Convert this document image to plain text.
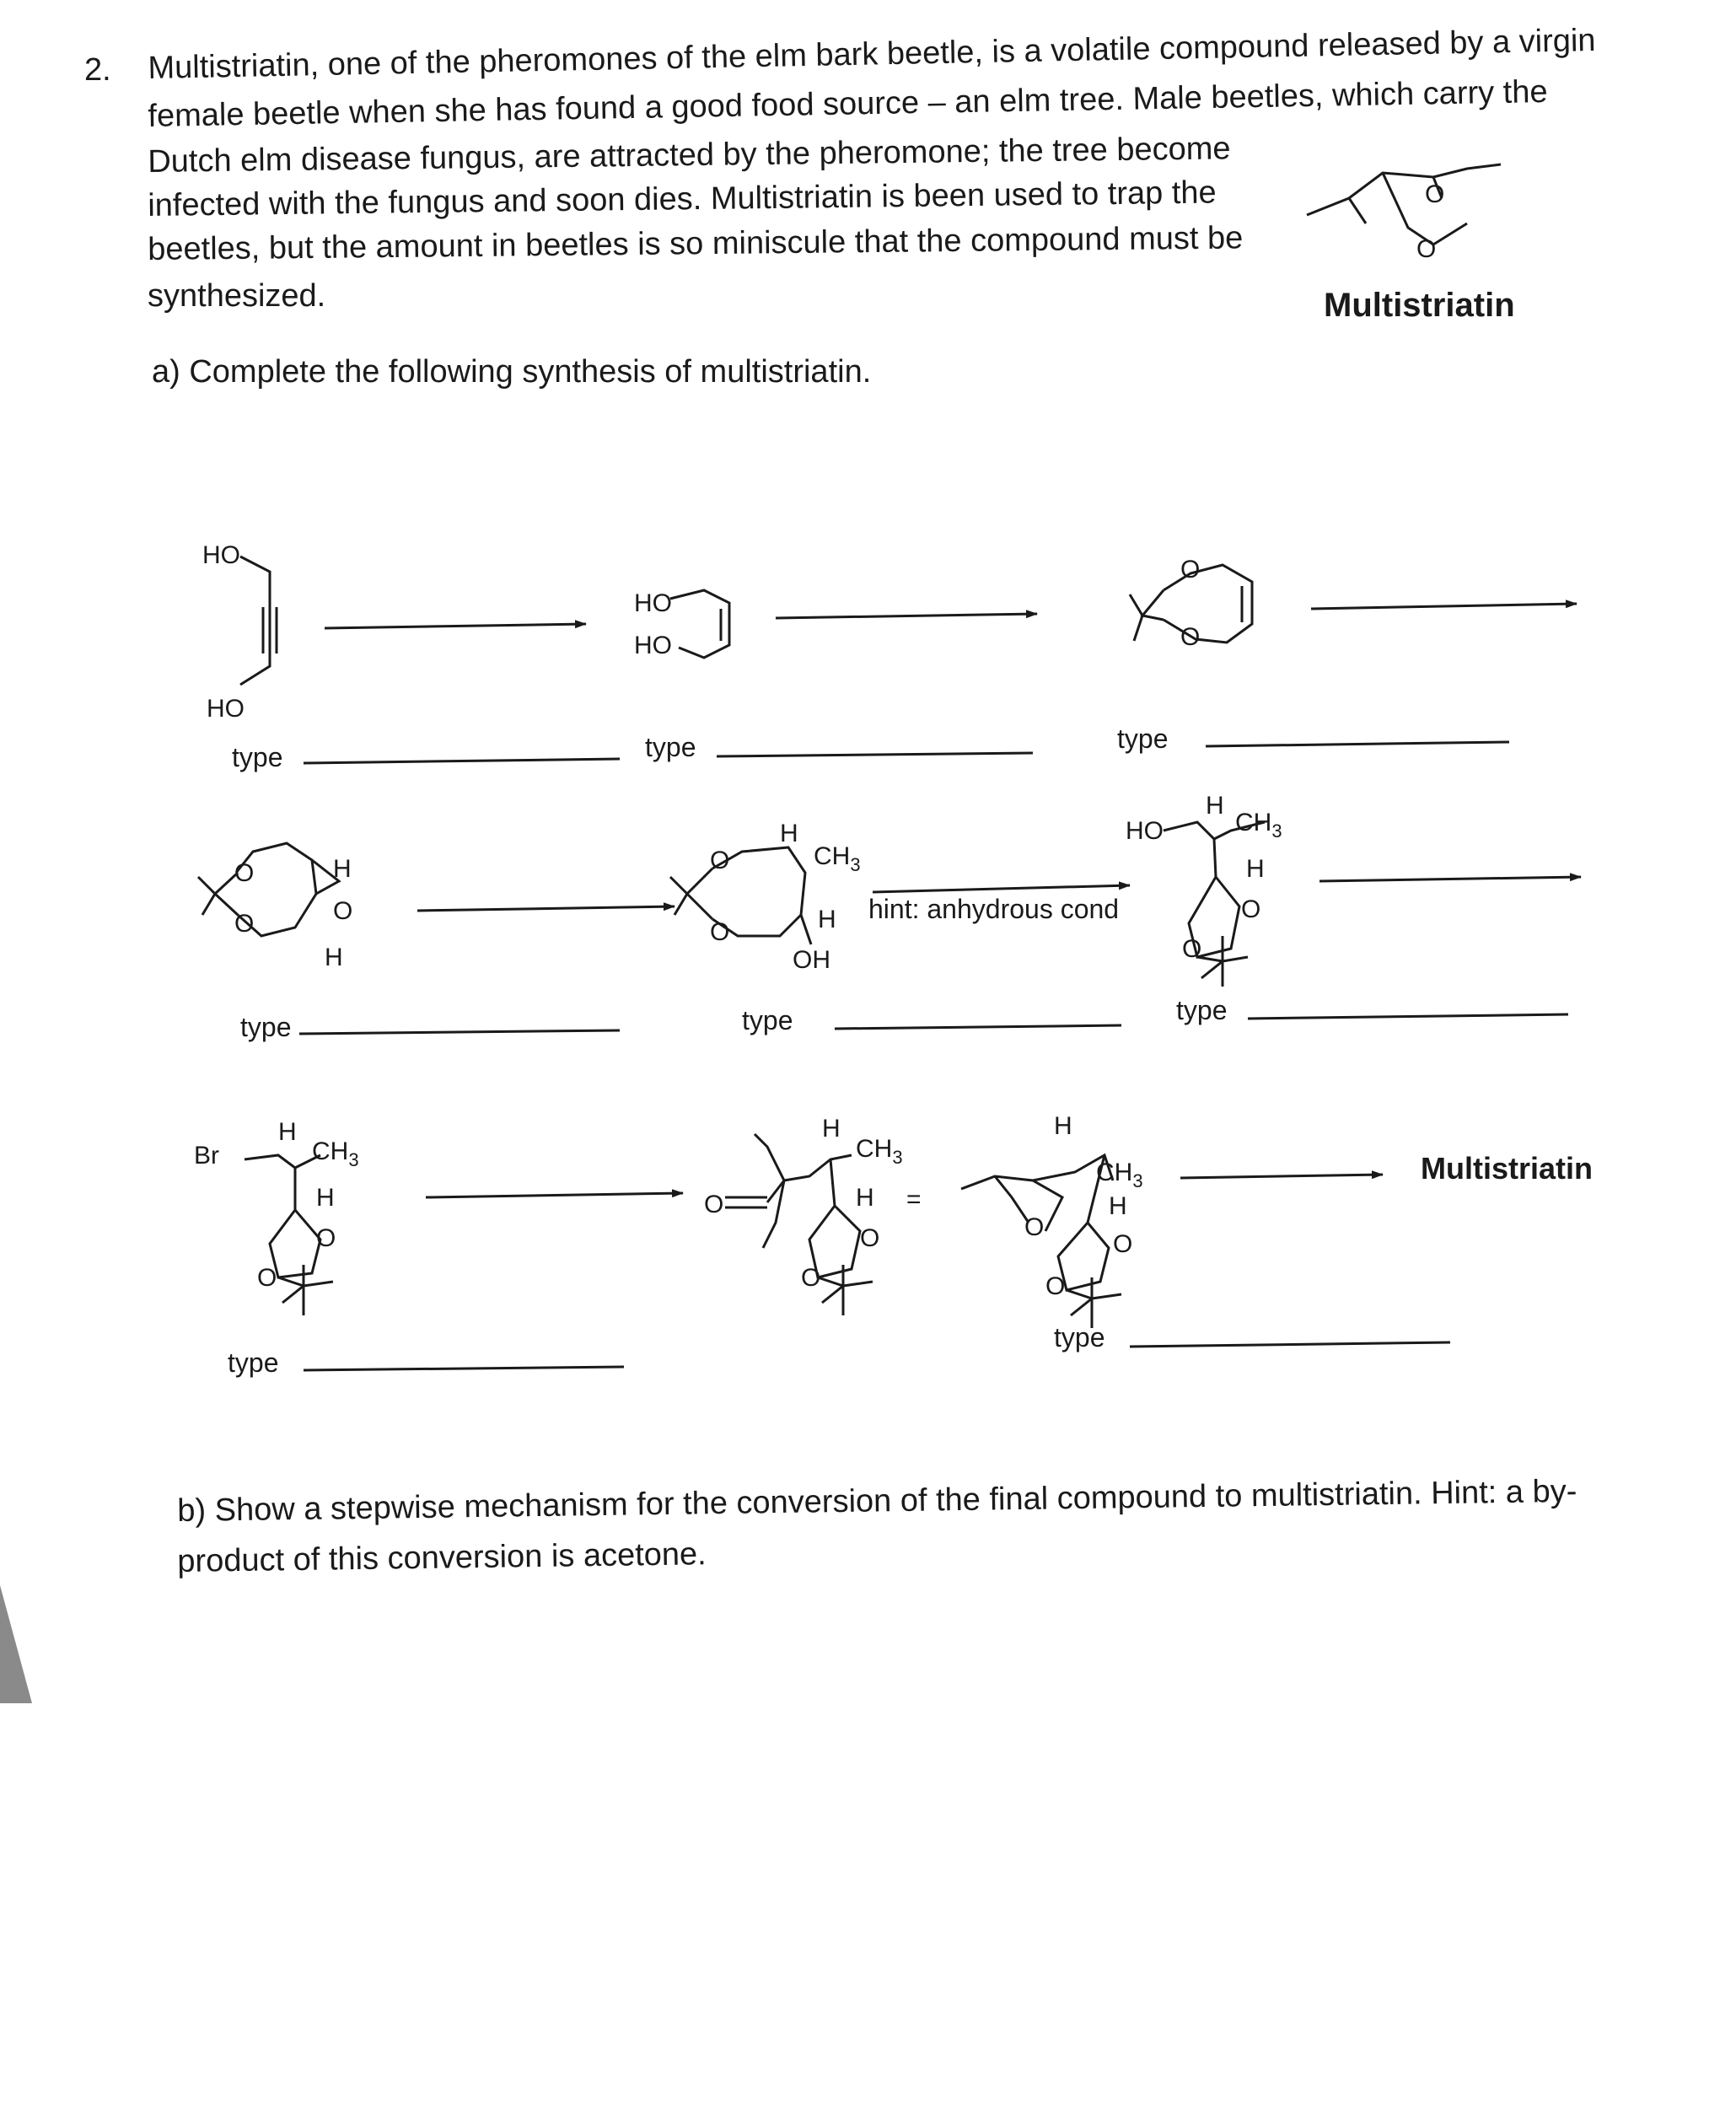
2. Multistriatin, one of the pheromones of the elm bark beetle, is a volatile compound released by a virgin
female beetle when she has found a good food source – an elm tree. Male beetles, which carry the
Dutch elm disease fungus, are attracted by the pheromone; the tree become
infected with the fungus and soon dies. Multistriatin is been used to trap the
beetles, but the amount in beetles is so miniscule that the compound must be
synthesized.	Multistriatin
a) Complete the following synthesis of multistriatin.
O
O
HO
HO
HO
HO
O
O
O
O
H
O
H
O
O
H
$CH_3$
H
OH
HO
H
$CH_3$
H
O
O
Br
H
$CH_3$
H
O
O
O
H
$CH_3$
H
O
O
=
O
H
$CH_3$
H
O
O
type	type	type
type	type	type
type
type
hint: anhydrous cond
Multistriatin
b) Show a stepwise mechanism for the conversion of the final compound to multistriatin. Hint: a by-
product of this conversion is acetone.
